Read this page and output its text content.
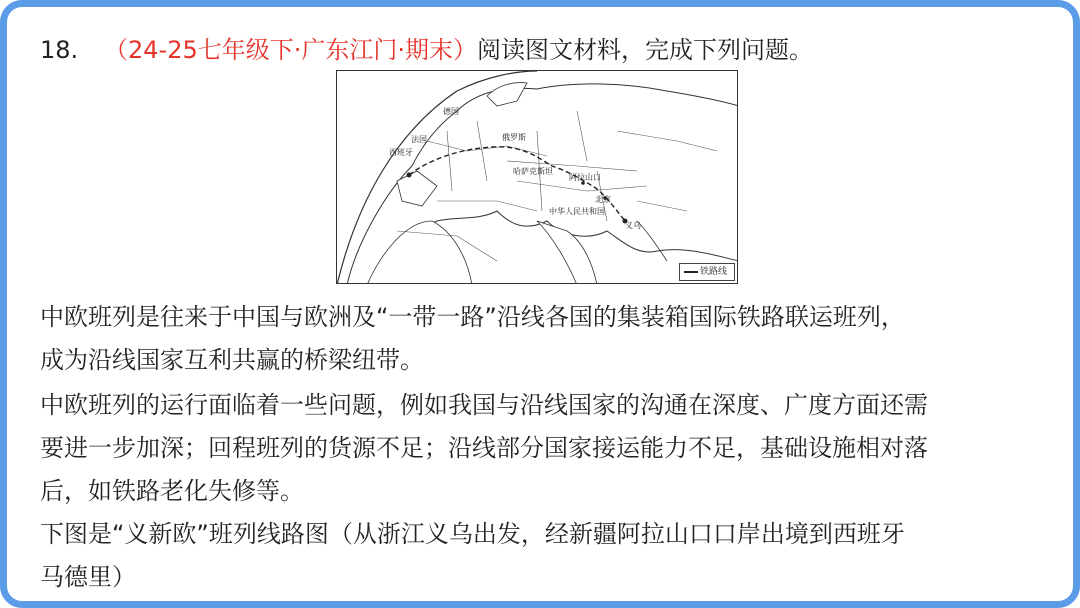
18. （24-25七年级下·广东江门·期末）阅读图文材料，完成下列问题。
德国
法国
西班牙
俄罗斯
哈萨克斯坦
阿拉山口
北京
中华人民共和国
义乌
铁路线
中欧班列是往来于中国与欧洲及“一带一路”沿线各国的集装箱国际铁路联运班列，
成为沿线国家互利共赢的桥梁纽带。
中欧班列的运行面临着一些问题，例如我国与沿线国家的沟通在深度、广度方面还需
要进一步加深；回程班列的货源不足；沿线部分国家接运能力不足，基础设施相对落
后，如铁路老化失修等。
下图是“义新欧”班列线路图（从浙江义乌出发，经新疆阿拉山口口岸出境到西班牙
马德里）
